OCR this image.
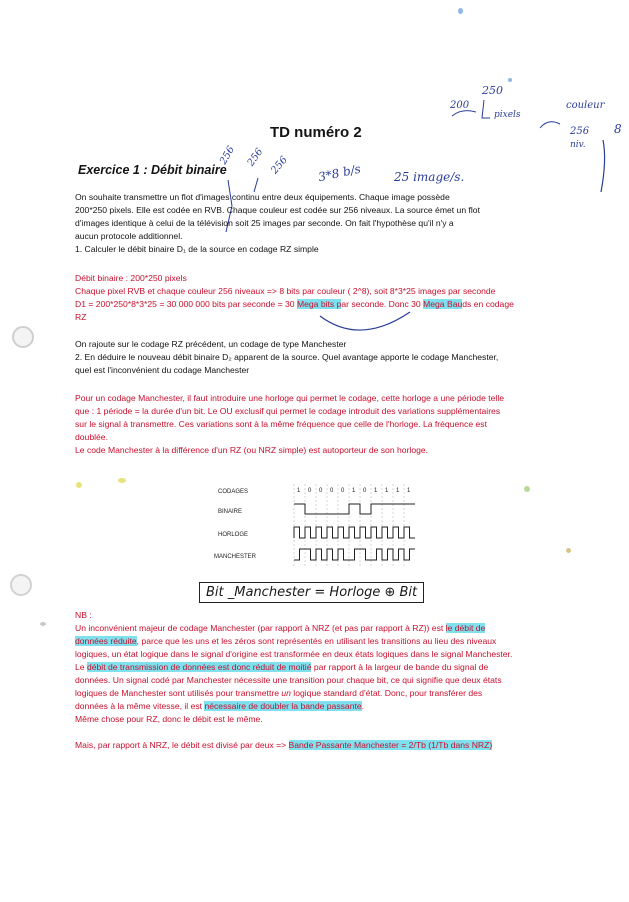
TD numéro 2
Exercice 1 : Débit binaire
200
250
pixels
couleur
256
niv.
8
3*8 b/s	25 image/s.
256 256 256
On souhaite transmettre un flot d'images continu entre deux équipements. Chaque image possède
200*250 pixels. Elle est codée en RVB. Chaque couleur est codée sur 256 niveaux. La source émet un flot
d'images identique à celui de la télévision soit 25 images par seconde. On fait l'hypothèse qu'il n'y a
aucun protocole additionnel.
1. Calculer le débit binaire D₁ de la source en codage RZ simple
Débit binaire : 200*250 pixels
Chaque pixel RVB et chaque couleur 256 niveaux => 8 bits par couleur ( 2^8), soit 8*3*25 images par seconde
D1 = 200*250*8*3*25 = 30 000 000 bits par seconde = 30 Mega bits par seconde. Donc 30 Mega Bauds en codage
RZ
On rajoute sur le codage RZ précédent, un codage de type Manchester
2. En déduire le nouveau débit binaire D₂ apparent de la source. Quel avantage apporte le codage Manchester,
quel est l'inconvénient du codage Manchester
Pour un codage Manchester, il faut introduire une horloge qui permet le codage, cette horloge a une période telle
que : 1 période = la durée d'un bit. Le OU exclusif qui permet le codage introduit des variations supplémentaires
sur le signal à transmettre. Ces variations sont à la même fréquence que celle de l'horloge. La fréquence est
doublée.
Le code Manchester à la différence d'un RZ (ou NRZ simple) est autoporteur de son horloge.
CODAGES
BINAIRE
HORLOGE
MANCHESTER
1 0 0 0 0 1 0 1 1 1 1
Bit _Manchester = Horloge ⊕ Bit
NB :
Un inconvénient majeur de codage Manchester (par rapport à NRZ (et pas par rapport à RZ)) est le débit de
données réduite, parce que les uns et les zéros sont représentés en utilisant les transitions au lieu des niveaux
logiques, un état logique dans le signal d'origine est transformée en deux états logiques dans le signal Manchester.
Le débit de transmission de données est donc réduit de moitié par rapport à la largeur de bande du signal de
données. Un signal codé par Manchester nécessite une transition pour chaque bit, ce qui signifie que deux états
logiques de Manchester sont utilisés pour transmettre un logique standard d'état. Donc, pour transférer des
données à la même vitesse, il est nécessaire de doubler la bande passante.
Même chose pour RZ, donc le débit est le même.
Mais, par rapport à NRZ, le débit est divisé par deux => Bande Passante Manchester = 2/Tb (1/Tb dans NRZ)
